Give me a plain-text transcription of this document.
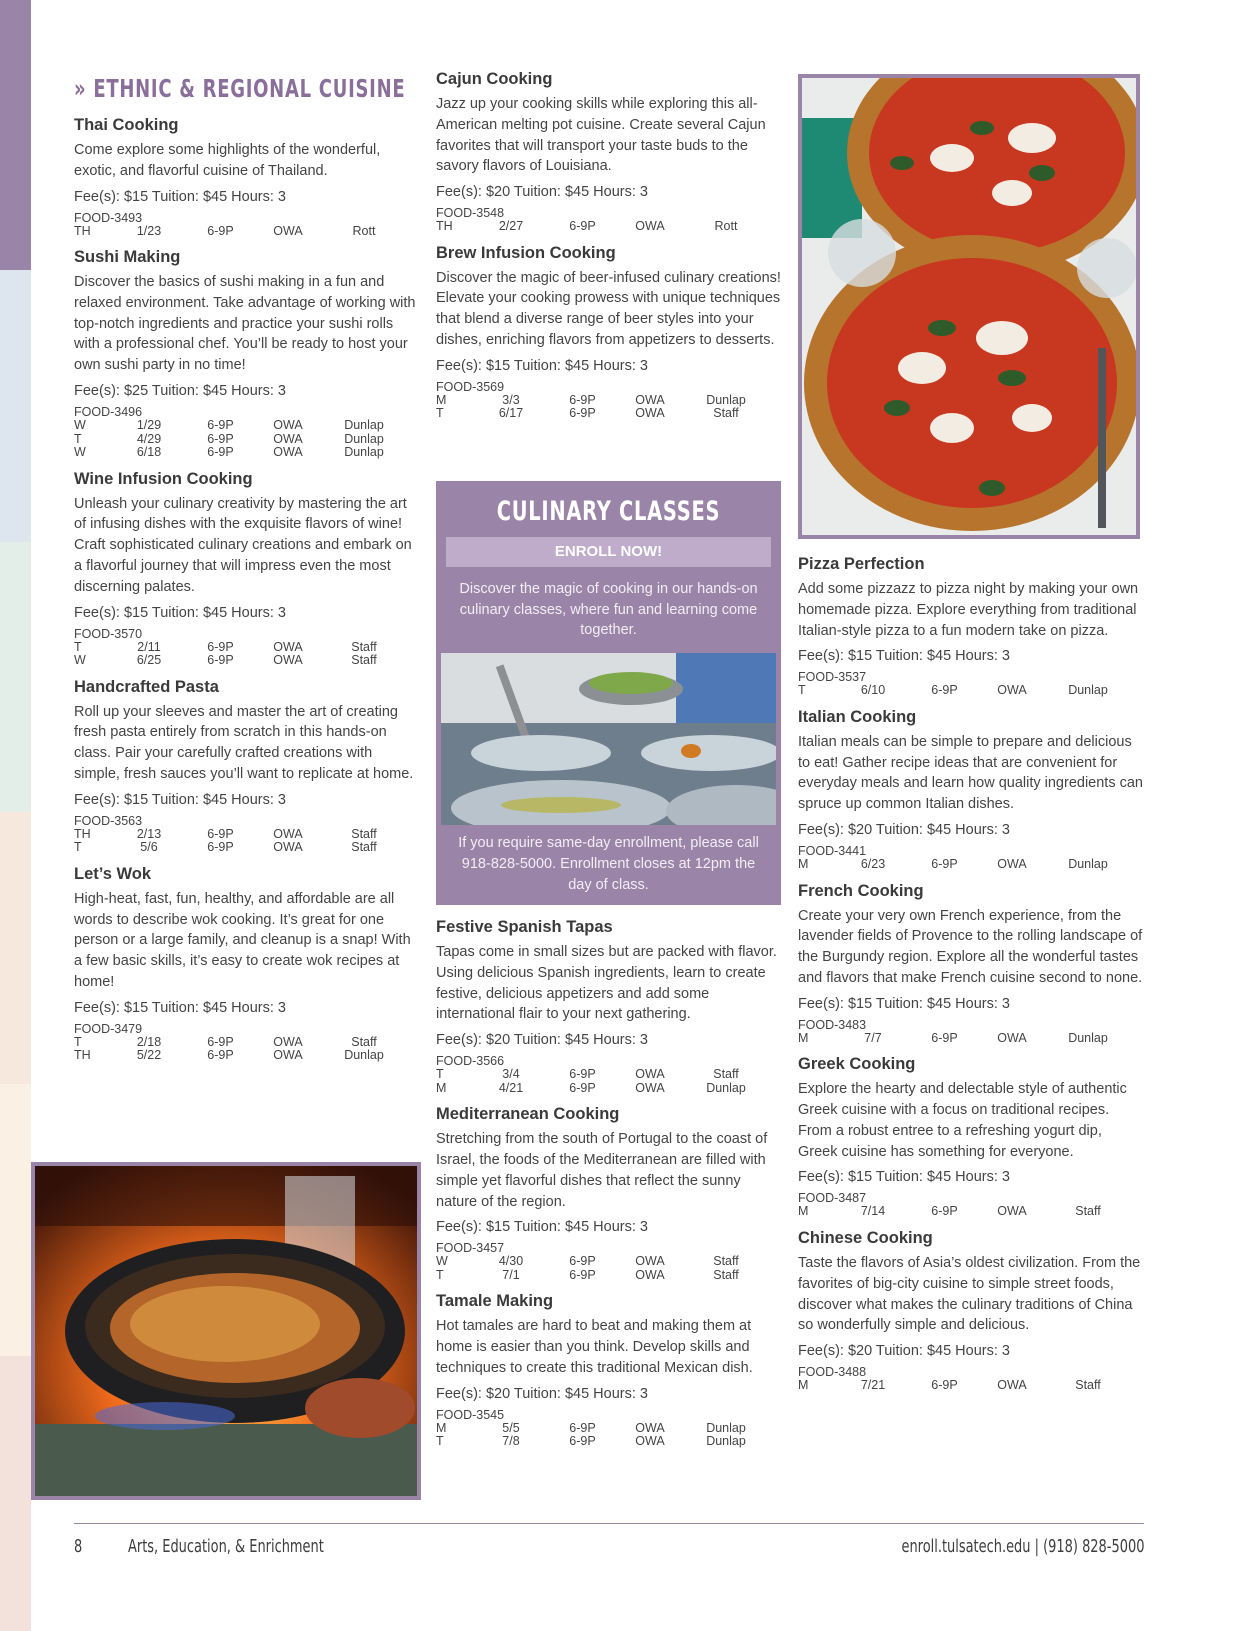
» ETHNIC & REGIONAL CUISINE
Thai Cooking
Come explore some highlights of the wonderful, exotic, and flavorful cuisine of Thailand.
Fee(s): $15 Tuition: $45 Hours: 3
FOOD-3493
TH	1/23	6-9P	OWA	Rott
Sushi Making
Discover the basics of sushi making in a fun and relaxed environment. Take advantage of working with top-notch ingredients and practice your sushi rolls with a professional chef. You’ll be ready to host your own sushi party in no time!
Fee(s): $25 Tuition: $45 Hours: 3
FOOD-3496
W	1/29	6-9P	OWA	Dunlap
T	4/29	6-9P	OWA	Dunlap
W	6/18	6-9P	OWA	Dunlap
Wine Infusion Cooking
Unleash your culinary creativity by mastering the art of infusing dishes with the exquisite flavors of wine! Craft sophisticated culinary creations and embark on a flavorful journey that will impress even the most discerning palates.
Fee(s): $15 Tuition: $45 Hours: 3
FOOD-3570
T	2/11	6-9P	OWA	Staff
W	6/25	6-9P	OWA	Staff
Handcrafted Pasta
Roll up your sleeves and master the art of creating fresh pasta entirely from scratch in this hands-on class. Pair your carefully crafted creations with simple, fresh sauces you’ll want to replicate at home.
Fee(s): $15 Tuition: $45 Hours: 3
FOOD-3563
TH	2/13	6-9P	OWA	Staff
T	5/6	6-9P	OWA	Staff
Let’s Wok
High-heat, fast, fun, healthy, and affordable are all words to describe wok cooking. It’s great for one person or a large family, and cleanup is a snap! With a few basic skills, it’s easy to create wok recipes at home!
Fee(s): $15 Tuition: $45 Hours: 3
FOOD-3479
T	2/18	6-9P	OWA	Staff
TH	5/22	6-9P	OWA	Dunlap
Cajun Cooking
Jazz up your cooking skills while exploring this all-American melting pot cuisine. Create several Cajun favorites that will transport your taste buds to the savory flavors of Louisiana.
Fee(s): $20 Tuition: $45 Hours: 3
FOOD-3548
TH	2/27	6-9P	OWA	Rott
Brew Infusion Cooking
Discover the magic of beer-infused culinary creations! Elevate your cooking prowess with unique techniques that blend a diverse range of beer styles into your dishes, enriching flavors from appetizers to desserts.
Fee(s): $15 Tuition: $45 Hours: 3
FOOD-3569
M	3/3	6-9P	OWA	Dunlap
T	6/17	6-9P	OWA	Staff
CULINARY CLASSES
ENROLL NOW!
Discover the magic of cooking in our hands-on culinary classes, where fun and learning come together.
If you require same-day enrollment, please call 918-828-5000. Enrollment closes at 12pm the day of class.
Festive Spanish Tapas
Tapas come in small sizes but are packed with flavor. Using delicious Spanish ingredients, learn to create festive, delicious appetizers and add some international flair to your next gathering.
Fee(s): $20 Tuition: $45 Hours: 3
FOOD-3566
T	3/4	6-9P	OWA	Staff
M	4/21	6-9P	OWA	Dunlap
Mediterranean Cooking
Stretching from the south of Portugal to the coast of Israel, the foods of the Mediterranean are filled with simple yet flavorful dishes that reflect the sunny nature of the region.
Fee(s): $15 Tuition: $45 Hours: 3
FOOD-3457
W	4/30	6-9P	OWA	Staff
T	7/1	6-9P	OWA	Staff
Tamale Making
Hot tamales are hard to beat and making them at home is easier than you think. Develop skills and techniques to create this traditional Mexican dish.
Fee(s): $20 Tuition: $45 Hours: 3
FOOD-3545
M	5/5	6-9P	OWA	Dunlap
T	7/8	6-9P	OWA	Dunlap
Pizza Perfection
Add some pizzazz to pizza night by making your own homemade pizza. Explore everything from traditional Italian-style pizza to a fun modern take on pizza.
Fee(s): $15 Tuition: $45 Hours: 3
FOOD-3537
T	6/10	6-9P	OWA	Dunlap
Italian Cooking
Italian meals can be simple to prepare and delicious to eat! Gather recipe ideas that are convenient for everyday meals and learn how quality ingredients can spruce up common Italian dishes.
Fee(s): $20 Tuition: $45 Hours: 3
FOOD-3441
M	6/23	6-9P	OWA	Dunlap
French Cooking
Create your very own French experience, from the lavender fields of Provence to the rolling landscape of the Burgundy region. Explore all the wonderful tastes and flavors that make French cuisine second to none.
Fee(s): $15 Tuition: $45 Hours: 3
FOOD-3483
M	7/7	6-9P	OWA	Dunlap
Greek Cooking
Explore the hearty and delectable style of authentic Greek cuisine with a focus on traditional recipes. From a robust entree to a refreshing yogurt dip, Greek cuisine has something for everyone.
Fee(s): $15 Tuition: $45 Hours: 3
FOOD-3487
M	7/14	6-9P	OWA	Staff
Chinese Cooking
Taste the flavors of Asia’s oldest civilization. From the favorites of big-city cuisine to simple street foods, discover what makes the culinary traditions of China so wonderfully simple and delicious.
Fee(s): $20 Tuition: $45 Hours: 3
FOOD-3488
M	7/21	6-9P	OWA	Staff
8	Arts, Education, & Enrichment	enroll.tulsatech.edu | (918) 828-5000
